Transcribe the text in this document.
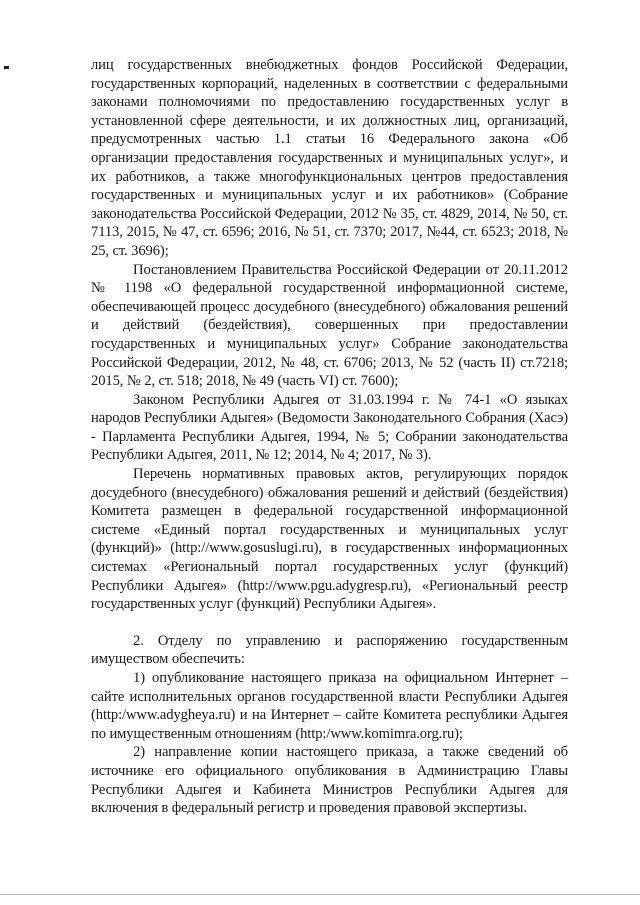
лиц государственных внебюджетных фондов Российской Федерации, государственных корпораций, наделенных в соответствии с федеральными законами полномочиями по предоставлению государственных услуг в установленной сфере деятельности, и их должностных лиц, организаций, предусмотренных частью 1.1 статьи 16 Федерального закона «Об организации предоставления государственных и муниципальных услуг», и их работников, а также многофункциональных центров предоставления государственных и муниципальных услуг и их работников» (Собрание законодательства Российской Федерации, 2012 № 35, ст. 4829, 2014, № 50, ст. 7113, 2015, № 47, ст. 6596; 2016, № 51, ст. 7370; 2017, №44, ст. 6523; 2018, № 25, ст. 3696);

Постановлением Правительства Российской Федерации от 20.11.2012 № 1198 «О федеральной государственной информационной системе, обеспечивающей процесс досудебного (внесудебного) обжалования решений и действий (бездействия), совершенных при предоставлении государственных и муниципальных услуг» Собрание законодательства Российской Федерации, 2012, № 48, ст. 6706; 2013, № 52 (часть II) ст.7218; 2015, № 2, ст. 518; 2018, № 49 (часть VI) ст. 7600);

Законом Республики Адыгея от 31.03.1994 г. № 74-1 «О языках народов Республики Адыгея» (Ведомости Законодательного Собрания (Хасэ) - Парламента Республики Адыгея, 1994, № 5; Собрании законодательства Республики Адыгея, 2011, № 12; 2014, № 4; 2017, № 3).

Перечень нормативных правовых актов, регулирующих порядок досудебного (внесудебного) обжалования решений и действий (бездействия) Комитета размещен в федеральной государственной информационной системе «Единый портал государственных и муниципальных услуг (функций)» (http://www.gosuslugi.ru), в государственных информационных системах «Региональный портал государственных услуг (функций) Республики Адыгея» (http://www.pgu.adygresp.ru), «Региональный реестр государственных услуг (функций) Республики Адыгея».

2. Отделу по управлению и распоряжению государственным имуществом обеспечить:

1) опубликование настоящего приказа на официальном Интернет – сайте исполнительных органов государственной власти Республики Адыгея (http:/www.adygheya.ru) и на Интернет – сайте Комитета республики Адыгея по имущественным отношениям (http:/www.komimra.org.ru);

2) направление копии настоящего приказа, а также сведений об источнике его официального опубликования в Администрацию Главы Республики Адыгея и Кабинета Министров Республики Адыгея для включения в федеральный регистр и проведения правовой экспертизы.
